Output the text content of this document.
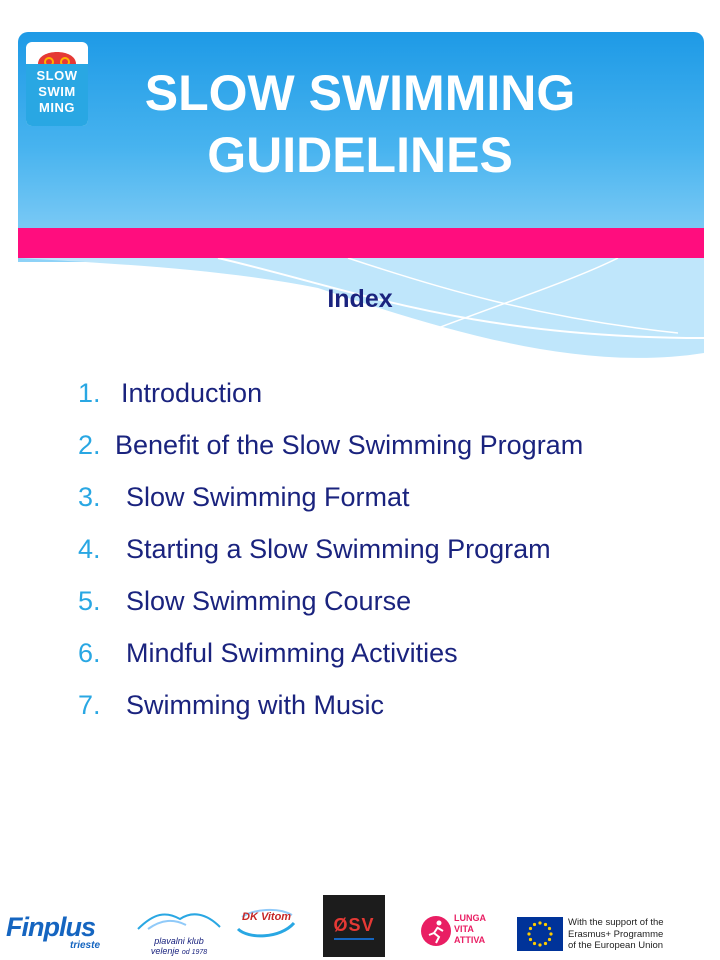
SLOW
SWIM
MING	SLOW SWIMMING
GUIDELINES
Index
1. Introduction
2. Benefit of the Slow Swimming Program
3. Slow Swimming Format
4. Starting a Slow Swimming Program
5. Slow Swimming Course
6. Mindful Swimming Activities
7. Swimming with Music
Finplus
trieste	plavalni klub
velenje od 1978
DK Vitom	ØSV	LUNGA
VITA
ATTIVA
With the support of the
Erasmus+ Programme
of the European Union
